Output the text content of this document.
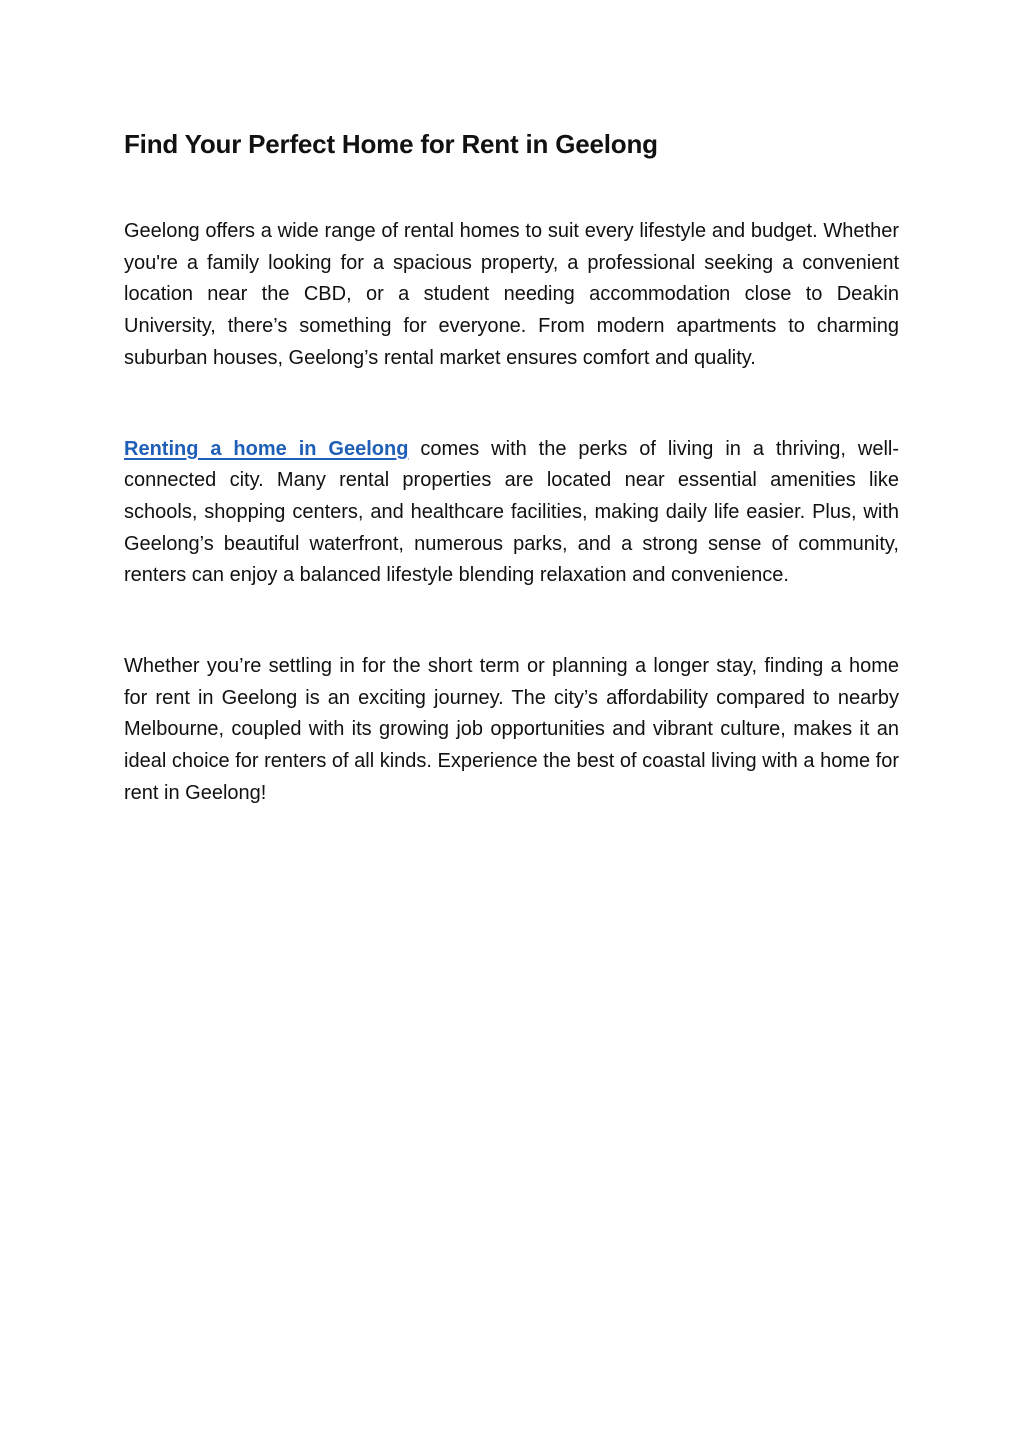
Find Your Perfect Home for Rent in Geelong

Geelong offers a wide range of rental homes to suit every lifestyle and budget. Whether you're a family looking for a spacious property, a professional seeking a convenient location near the CBD, or a student needing accommodation close to Deakin University, there’s something for everyone. From modern apartments to charming suburban houses, Geelong’s rental market ensures comfort and quality.

Renting a home in Geelong comes with the perks of living in a thriving, well-connected city. Many rental properties are located near essential amenities like schools, shopping centers, and healthcare facilities, making daily life easier. Plus, with Geelong’s beautiful waterfront, numerous parks, and a strong sense of community, renters can enjoy a balanced lifestyle blending relaxation and convenience.

Whether you’re settling in for the short term or planning a longer stay, finding a home for rent in Geelong is an exciting journey. The city’s affordability compared to nearby Melbourne, coupled with its growing job opportunities and vibrant culture, makes it an ideal choice for renters of all kinds. Experience the best of coastal living with a home for rent in Geelong!
